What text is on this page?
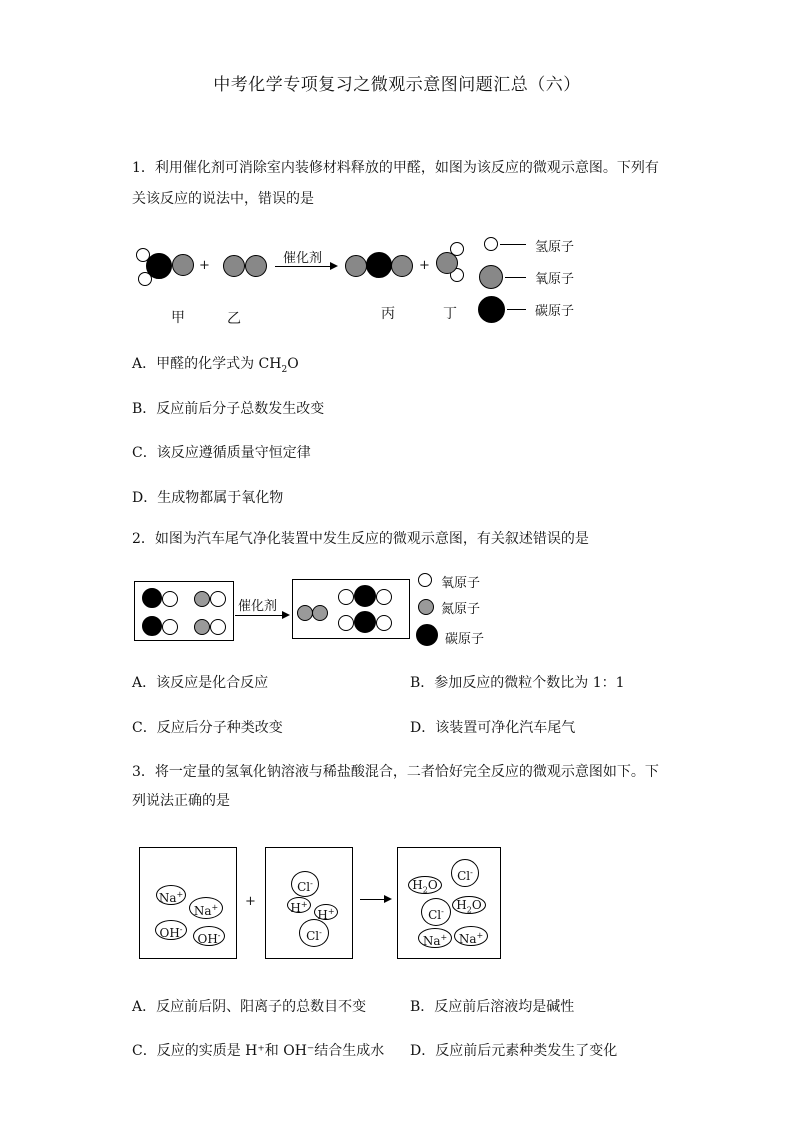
中考化学专项复习之微观示意图问题汇总（六）
1．利用催化剂可消除室内装修材料释放的甲醛，如图为该反应的微观示意图。下列有
关该反应的说法中，错误的是
+	催化剂	+
甲	乙	丙	丁
氢原子
氧原子
碳原子
A．甲醛的化学式为 $CH_2O$
B．反应前后分子总数发生改变
C．该反应遵循质量守恒定律
D．生成物都属于氧化物
2．如图为汽车尾气净化装置中发生反应的微观示意图，有关叙述错误的是
催化剂
氧原子
氮原子
碳原子
A．该反应是化合反应	B．参加反应的微粒个数比为 1：1
C．反应后分子种类改变	D．该装置可净化汽车尾气
3．将一定量的氢氧化钠溶液与稀盐酸混合，二者恰好完全反应的微观示意图如下。下
列说法正确的是
Na+
Na+
OH-
OH-
+
Cl-
H+
H+
Cl-
Cl-
$H_2O$
$H_2O$
Cl-
Na+ Na+
A．反应前后阴、阳离子的总数目不变	B．反应前后溶液均是碱性
C．反应的实质是 H⁺和 OH⁻结合生成水 D．反应前后元素种类发生了变化
